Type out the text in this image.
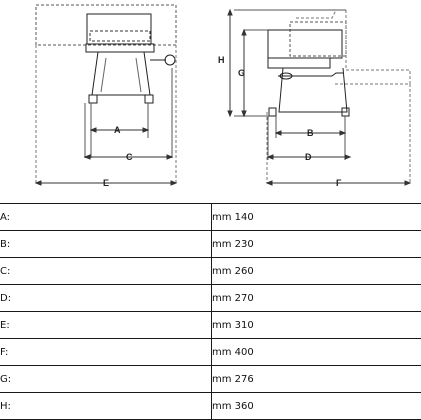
A
C
E
H
G
B
D
F
A:	mm 140
B:	mm 230
C:	mm 260
D:	mm 270
E:	mm 310
F:	mm 400
G:	mm 276
H:	mm 360
